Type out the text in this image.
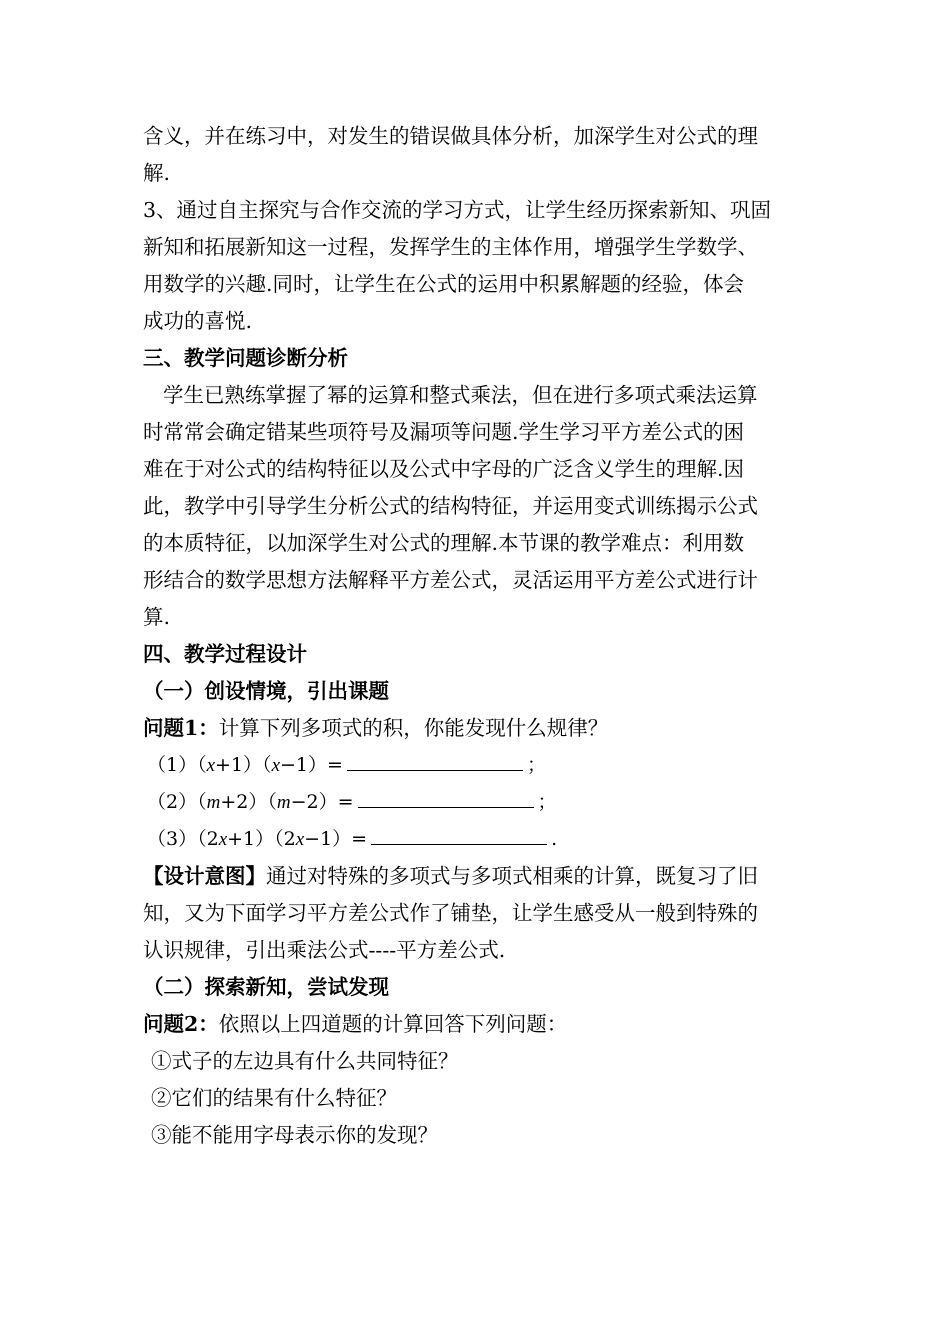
含义，并在练习中，对发生的错误做具体分析，加深学生对公式的理
解.
3、通过自主探究与合作交流的学习方式，让学生经历探索新知、巩固
新知和拓展新知这一过程，发挥学生的主体作用，增强学生学数学、
用数学的兴趣.同时，让学生在公式的运用中积累解题的经验，体会
成功的喜悦.
三、教学问题诊断分析
学生已熟练掌握了幂的运算和整式乘法，但在进行多项式乘法运算
时常常会确定错某些项符号及漏项等问题.学生学习平方差公式的困
难在于对公式的结构特征以及公式中字母的广泛含义学生的理解.因
此，教学中引导学生分析公式的结构特征，并运用变式训练揭示公式
的本质特征，以加深学生对公式的理解.本节课的教学难点：利用数
形结合的数学思想方法解释平方差公式，灵活运用平方差公式进行计
算.
四、教学过程设计
（一）创设情境，引出课题
问题1：计算下列多项式的积，你能发现什么规律？
（1）（x+1）（x−1）=	；
（2）（m+2）（m−2）=	；
（3）（2x+1）（2x−1）=	.
【设计意图】通过对特殊的多项式与多项式相乘的计算，既复习了旧
知，又为下面学习平方差公式作了铺垫，让学生感受从一般到特殊的
认识规律，引出乘法公式----平方差公式.
（二）探索新知，尝试发现
问题2：依照以上四道题的计算回答下列问题：
①式子的左边具有什么共同特征？
②它们的结果有什么特征？
③能不能用字母表示你的发现？
